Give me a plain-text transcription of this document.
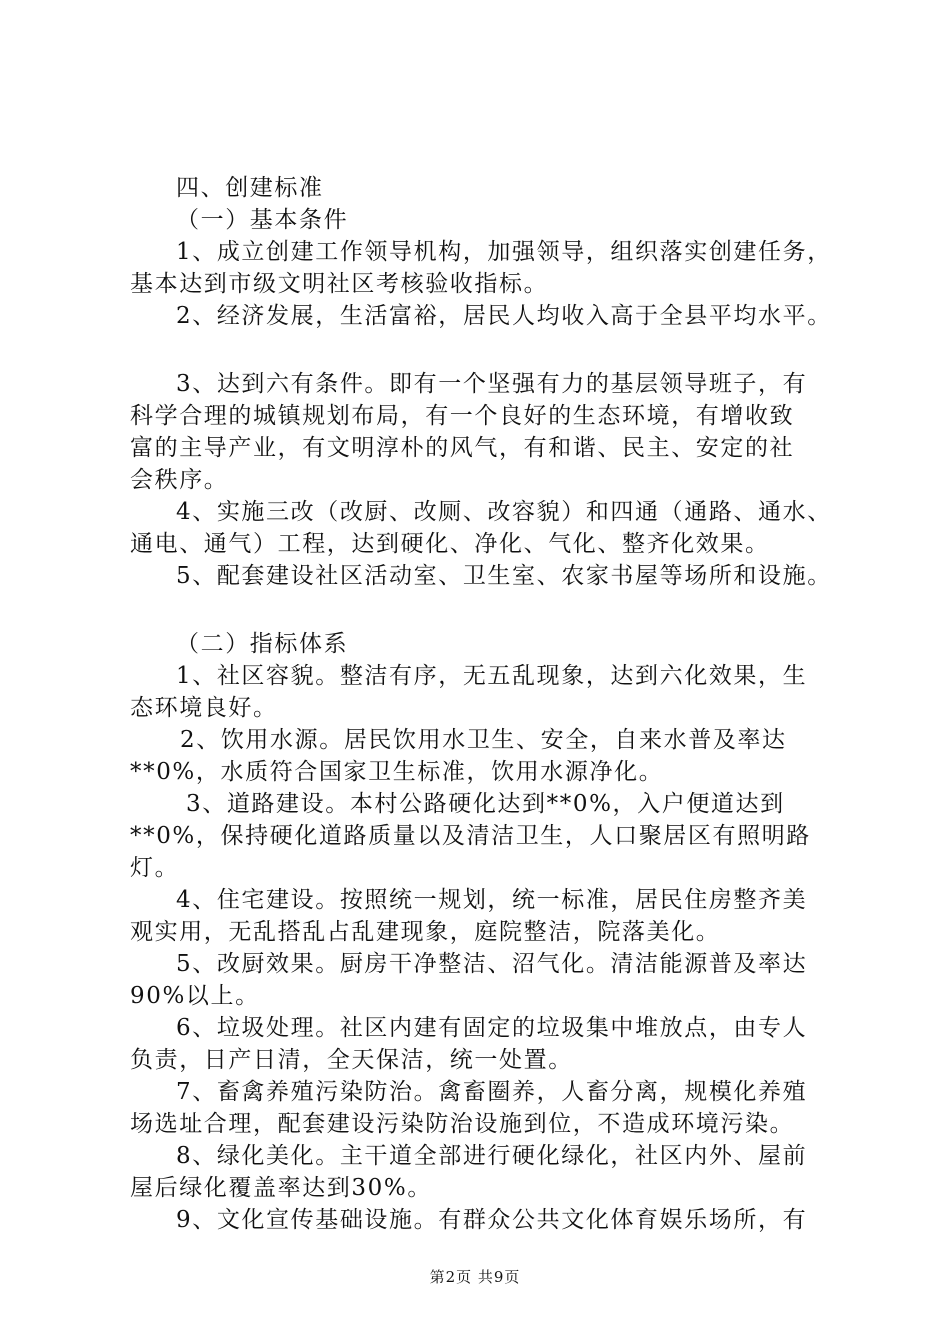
四、创建标准
（一）基本条件
1、成立创建工作领导机构，加强领导，组织落实创建任务，
基本达到市级文明社区考核验收指标。
2、经济发展，生活富裕，居民人均收入高于全县平均水平。
3、达到六有条件。即有一个坚强有力的基层领导班子，有
科学合理的城镇规划布局，有一个良好的生态环境，有增收致
富的主导产业，有文明淳朴的风气，有和谐、民主、安定的社
会秩序。
4、实施三改（改厨、改厕、改容貌）和四通（通路、通水、
通电、通气）工程，达到硬化、净化、气化、整齐化效果。
5、配套建设社区活动室、卫生室、农家书屋等场所和设施。
（二）指标体系
1、社区容貌。整洁有序，无五乱现象，达到六化效果，生
态环境良好。
2、饮用水源。居民饮用水卫生、安全，自来水普及率达
**0%，水质符合国家卫生标准，饮用水源净化。
3、道路建设。本村公路硬化达到**0%，入户便道达到
**0%，保持硬化道路质量以及清洁卫生，人口聚居区有照明路
灯。
4、住宅建设。按照统一规划，统一标准，居民住房整齐美
观实用，无乱搭乱占乱建现象，庭院整洁，院落美化。
5、改厨效果。厨房干净整洁、沼气化。清洁能源普及率达
90%以上。
6、垃圾处理。社区内建有固定的垃圾集中堆放点，由专人
负责，日产日清，全天保洁，统一处置。
7、畜禽养殖污染防治。禽畜圈养，人畜分离，规模化养殖
场选址合理，配套建设污染防治设施到位，不造成环境污染。
8、绿化美化。主干道全部进行硬化绿化，社区内外、屋前
屋后绿化覆盖率达到30%。
9、文化宣传基础设施。有群众公共文化体育娱乐场所，有
第2页 共9页
